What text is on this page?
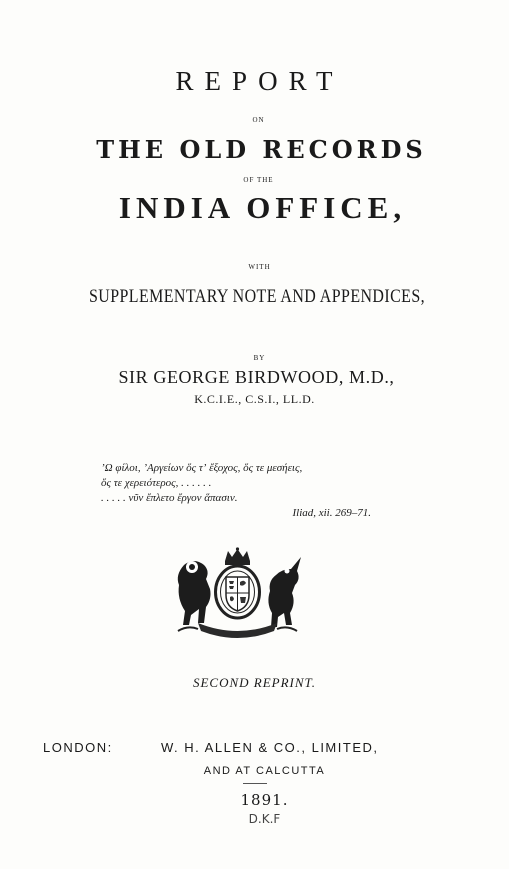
REPORT
ON
THE OLD RECORDS
OF THE
INDIA OFFICE,
WITH
SUPPLEMENTARY NOTE AND APPENDICES,
BY
SIR GEORGE BIRDWOOD, M.D.,
K.C.I.E., C.S.I., LL.D.
ʼΩ φίλοι, ʼΑργείων ὅς τʼ ἔξοχος, ὅς τε μεσήεις,
ὅς τε χερειότερος, . . . . . .
. . . . . νῦν ἔπλετο ἔργον ἅπασιν.
Iliad, xii. 269–71.
SECOND REPRINT.
LONDON:	W. H. ALLEN & CO., LIMITED,
AND AT CALCUTTA
1891.
D.K.F
